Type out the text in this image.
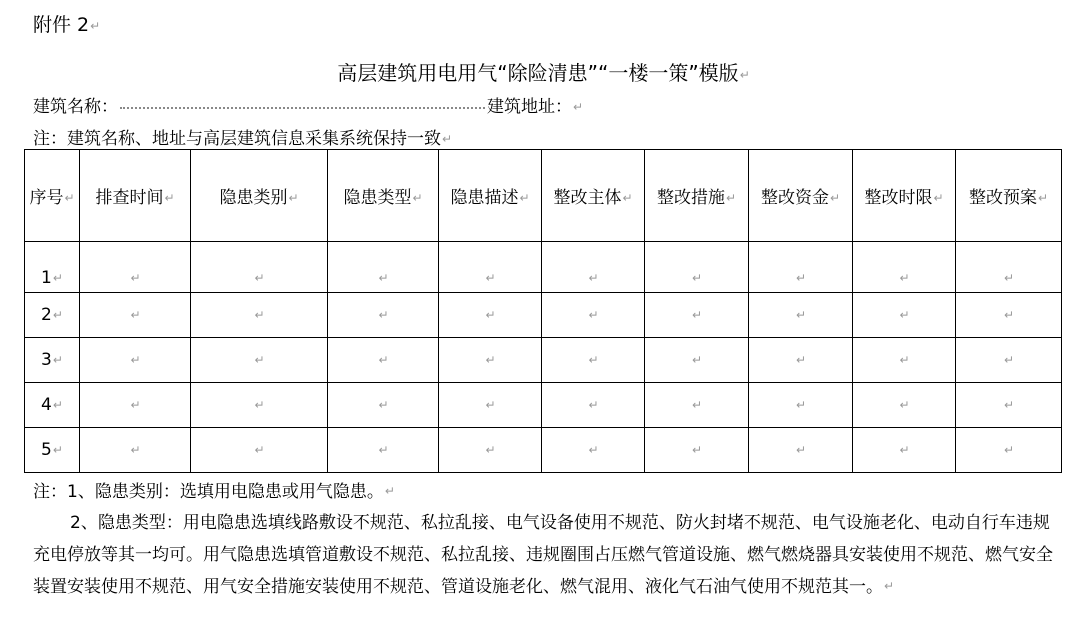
附件 2↵
高层建筑用电用气“除险清患”“一楼一策”模版↵
建筑名称：	建筑地址：↵
注：建筑名称、地址与高层建筑信息采集系统保持一致↵
序号↵	排查时间↵	隐患类别↵	隐患类型↵	隐患描述↵	整改主体↵	整改措施↵	整改资金↵	整改时限↵	整改预案↵
1↵	↵	↵	↵	↵	↵	↵	↵	↵	↵
2↵	↵	↵	↵	↵	↵	↵	↵	↵	↵
3↵	↵	↵	↵	↵	↵	↵	↵	↵	↵
4↵	↵	↵	↵	↵	↵	↵	↵	↵	↵
5↵	↵	↵	↵	↵	↵	↵	↵	↵	↵

注：1、隐患类别：选填用电隐患或用气隐患。↵

2、隐患类型：用电隐患选填线路敷设不规范、私拉乱接、电气设备使用不规范、防火封堵不规范、电气设施老化、电动自行车违规充电停放等其一均可。用气隐患选填管道敷设不规范、私拉乱接、违规圈围占压燃气管道设施、燃气燃烧器具安装使用不规范、燃气安全装置安装使用不规范、用气安全措施安装使用不规范、管道设施老化、燃气混用、液化气石油气使用不规范其一。↵
